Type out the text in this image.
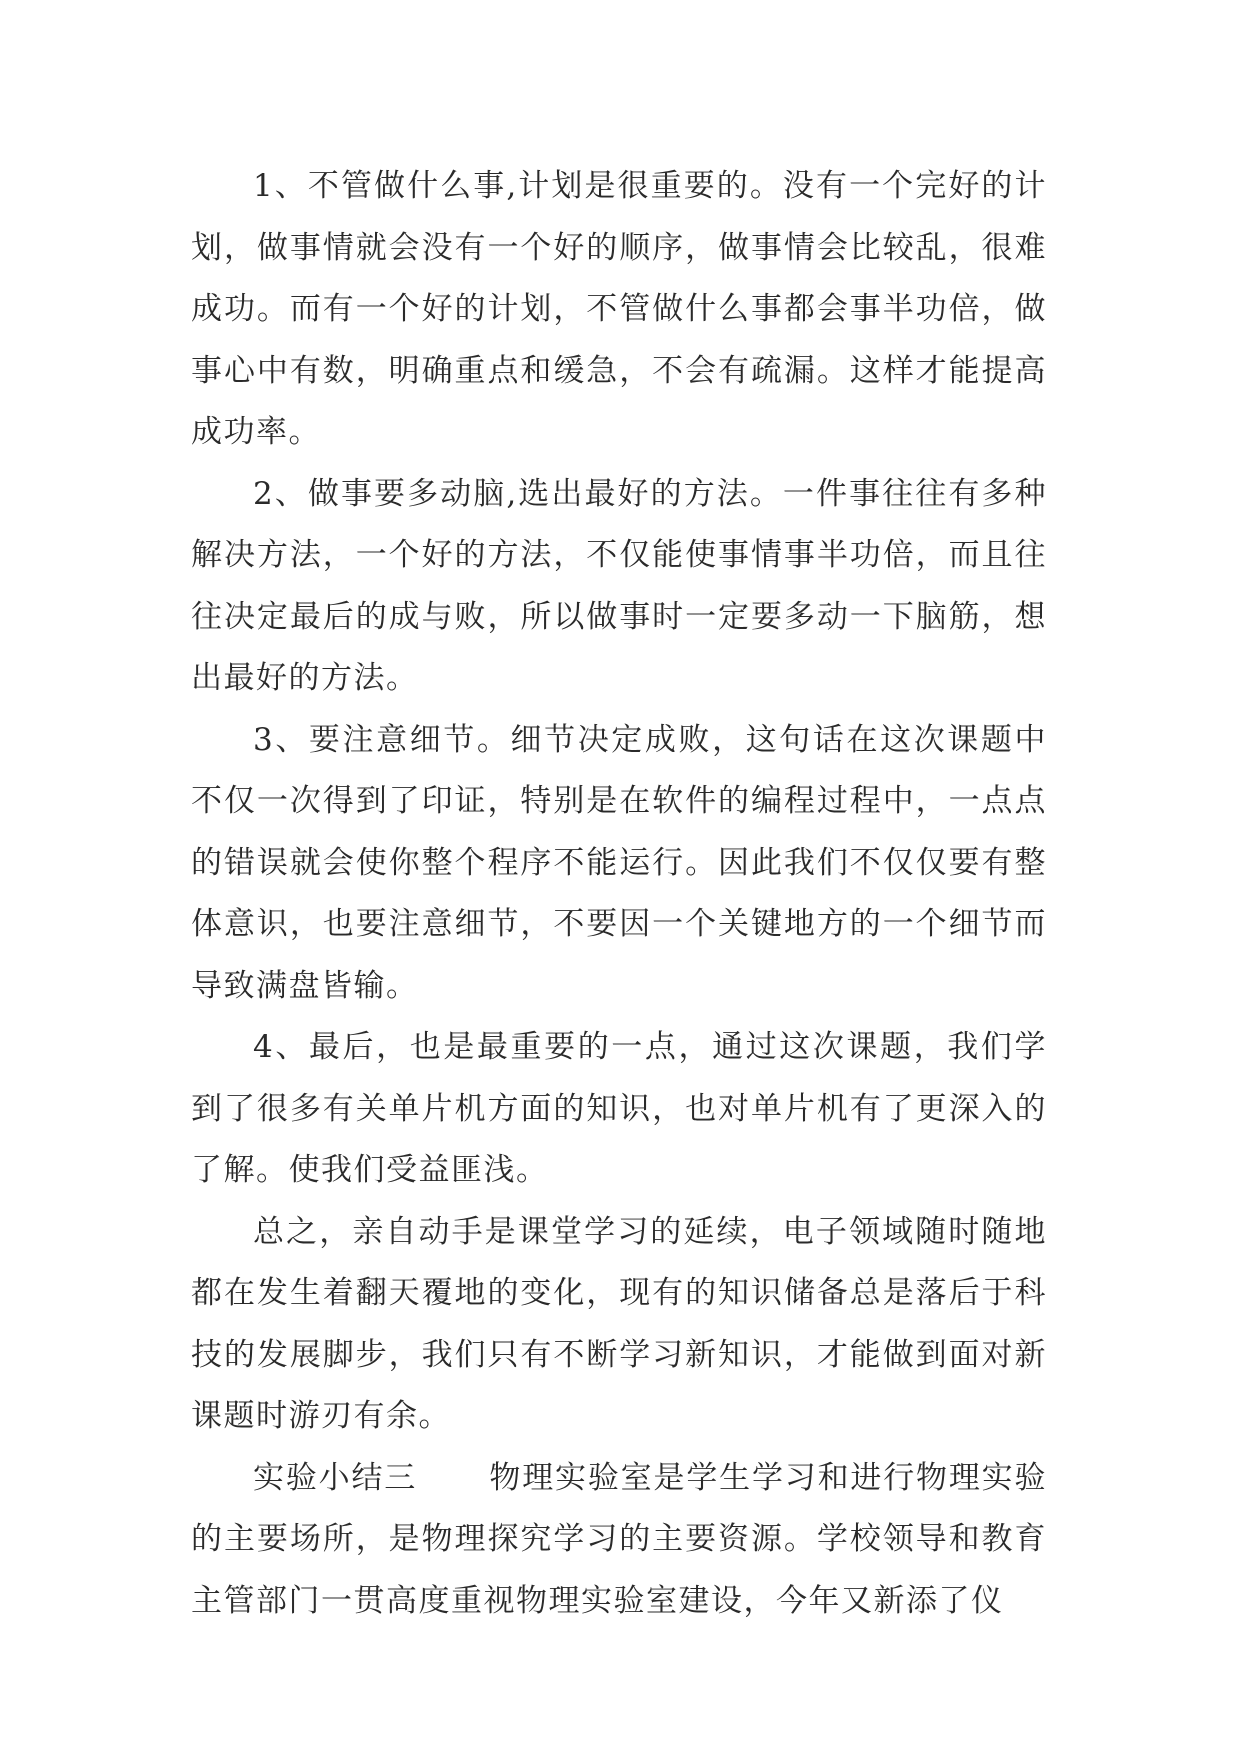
1、不管做什么事,计划是很重要的。没有一个完好的计划，做事情就会没有一个好的顺序，做事情会比较乱，很难成功。而有一个好的计划，不管做什么事都会事半功倍，做事心中有数，明确重点和缓急，不会有疏漏。这样才能提高成功率。

2、做事要多动脑,选出最好的方法。一件事往往有多种解决方法，一个好的方法，不仅能使事情事半功倍，而且往往决定最后的成与败，所以做事时一定要多动一下脑筋，想出最好的方法。

3、要注意细节。细节决定成败，这句话在这次课题中不仅一次得到了印证，特别是在软件的编程过程中，一点点的错误就会使你整个程序不能运行。因此我们不仅仅要有整体意识，也要注意细节，不要因一个关键地方的一个细节而导致满盘皆输。

4、最后，也是最重要的一点，通过这次课题，我们学到了很多有关单片机方面的知识，也对单片机有了更深入的了解。使我们受益匪浅。

总之，亲自动手是课堂学习的延续，电子领域随时随地都在发生着翻天覆地的变化，现有的知识储备总是落后于科技的发展脚步，我们只有不断学习新知识，才能做到面对新课题时游刃有余。

实验小结三 物理实验室是学生学习和进行物理实验的主要场所，是物理探究学习的主要资源。学校领导和教育主管部门一贯高度重视物理实验室建设，今年又新添了仪
